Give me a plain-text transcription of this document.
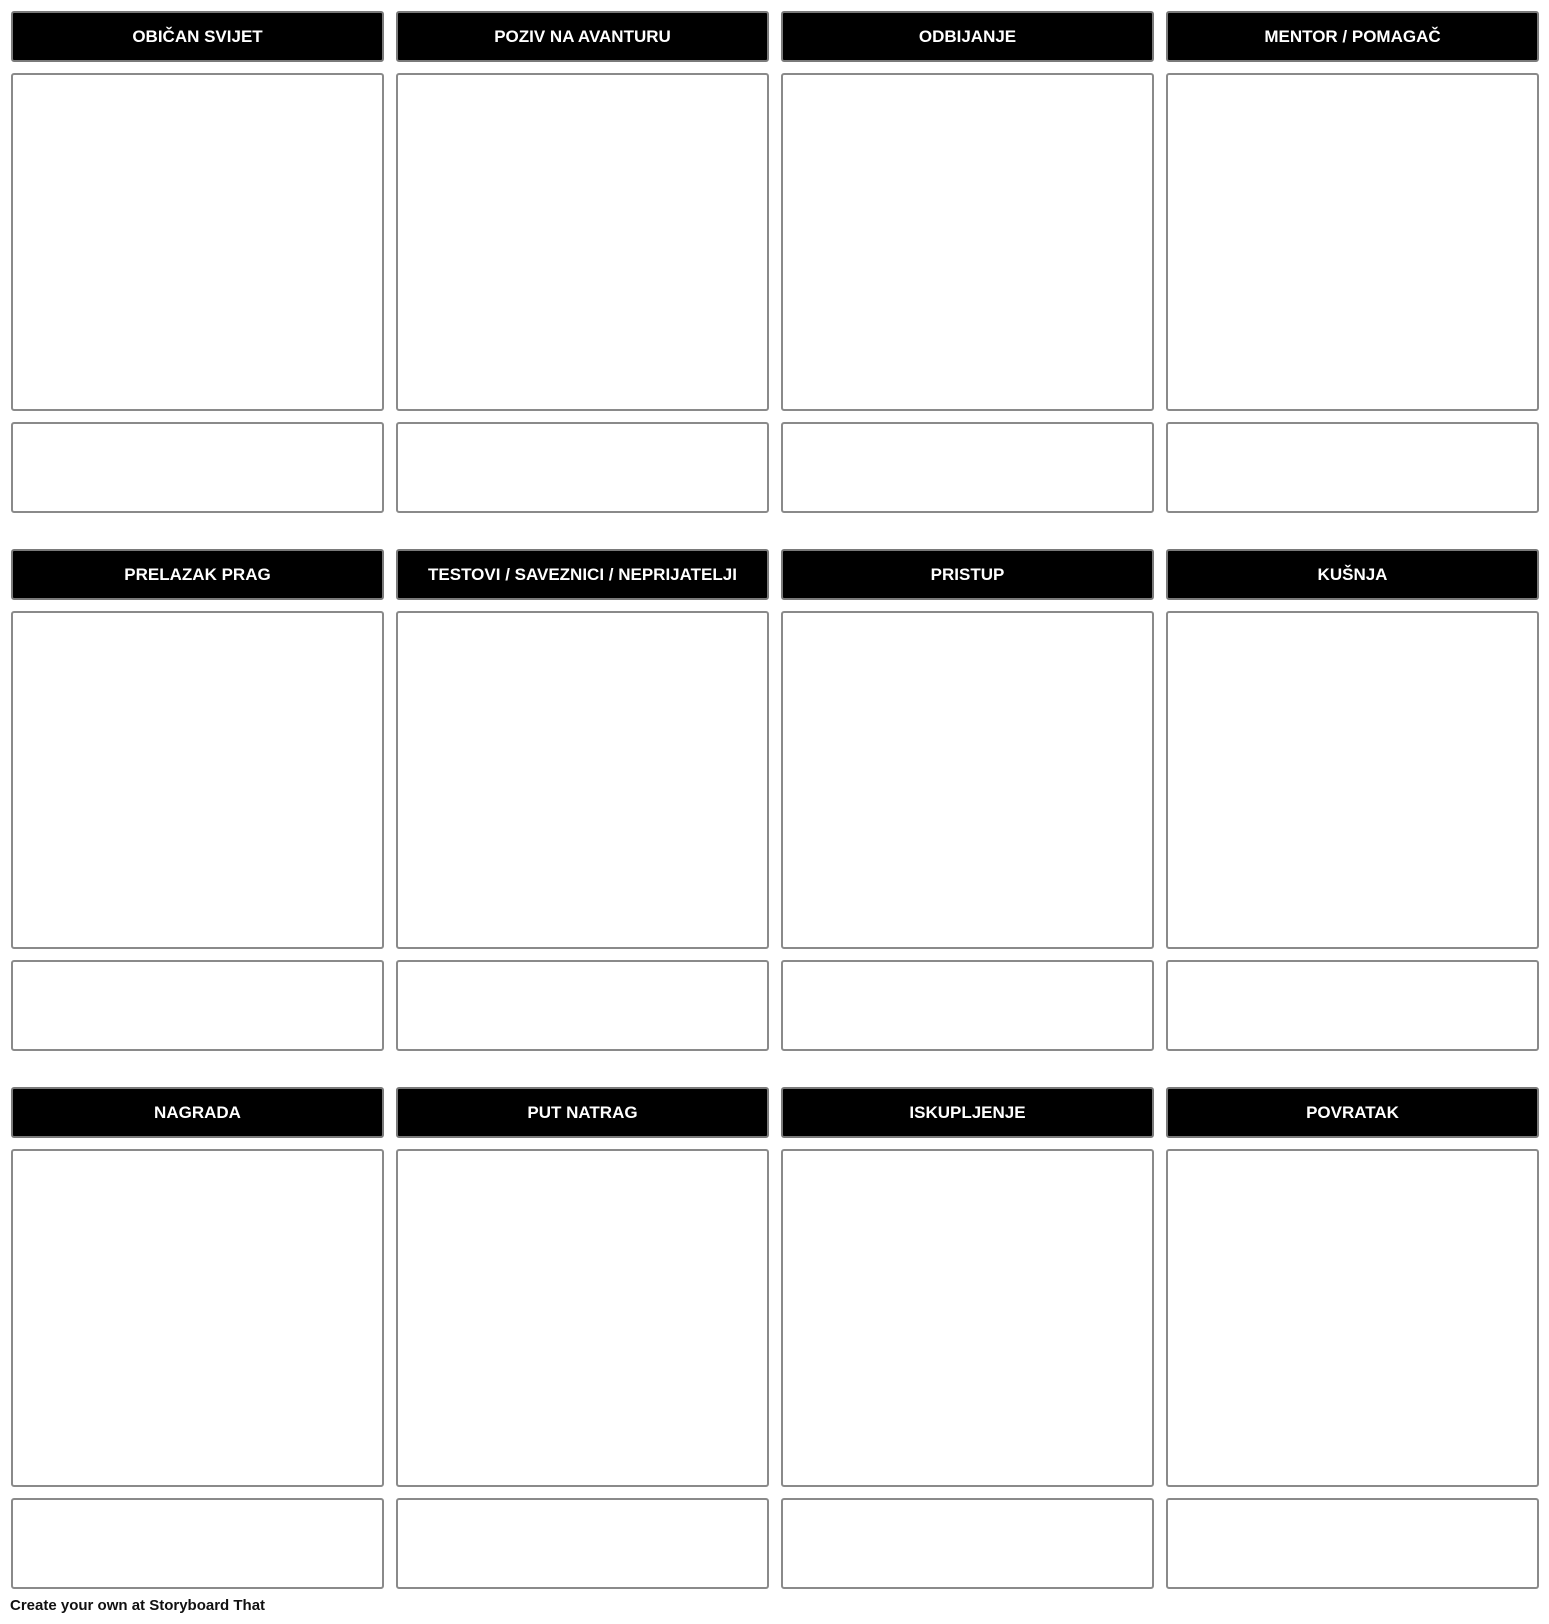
OBIČAN SVIJET	POZIV NA AVANTURU	ODBIJANJE	MENTOR / POMAGAČ
PRELAZAK PRAG	TESTOVI / SAVEZNICI / NEPRIJATELJI	PRISTUP	KUŠNJA
NAGRADA	PUT NATRAG	ISKUPLJENJE	POVRATAK
Create your own at Storyboard That
